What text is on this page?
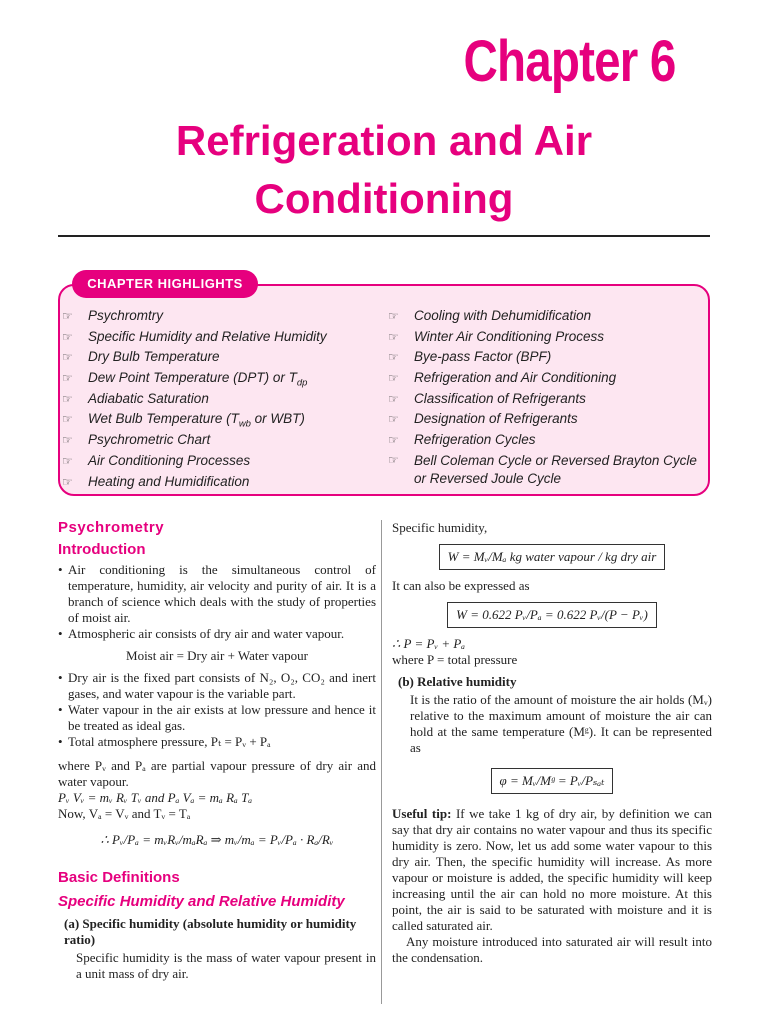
Chapter 6
Refrigeration and Air Conditioning
CHAPTER HIGHLIGHTS
☞ Psychromtry
☞ Specific Humidity and Relative Humidity
☞ Dry Bulb Temperature
☞ Dew Point Temperature (DPT) or $T_{dp}$
☞ Adiabatic Saturation
☞ Wet Bulb Temperature ($T_{wb}$ or WBT)
☞ Psychrometric Chart
☞ Air Conditioning Processes
☞ Heating and Humidification
☞ Cooling with Dehumidification
☞ Winter Air Conditioning Process
☞ Bye-pass Factor (BPF)
☞ Refrigeration and Air Conditioning
☞ Classification of Refrigerants
☞ Designation of Refrigerants
☞ Refrigeration Cycles
☞ Bell Coleman Cycle or Reversed Brayton Cycle or Reversed Joule Cycle
Psychrometry
Introduction

• Air conditioning is the simultaneous control of temperature, humidity, air velocity and purity of air. It is a branch of science which deals with the study of properties of moist air.

• Atmospheric air consists of dry air and water vapour.

Moist air = Dry air + Water vapour

• Dry air is the fixed part consists of N₂, O₂, CO₂ and inert gases, and water vapour is the variable part.

• Water vapour in the air exists at low pressure and hence it be treated as ideal gas.

• Total atmosphere pressure, Pₜ = Pᵥ + Pₐ

where Pᵥ and Pₐ are partial vapour pressure of dry air and water vapour.

Pᵥ Vᵥ = mᵥ Rᵥ Tᵥ and Pₐ Vₐ = mₐ Rₐ Tₐ

Now, Vₐ = Vᵥ and Tᵥ = Tₐ

∴ Pᵥ/Pₐ = mᵥRᵥ/mₐRₐ ⇒ mᵥ/mₐ = Pᵥ/Pₐ · Rₐ/Rᵥ
Basic Definitions
Specific Humidity and Relative Humidity
(a) Specific humidity (absolute humidity or humidity ratio)

Specific humidity is the mass of water vapour present in a unit mass of dry air.

Specific humidity,

W = Mᵥ/Mₐ kg water vapour / kg dry air

It can also be expressed as

W = 0.622 Pᵥ/Pₐ = 0.622 Pᵥ/(P − Pᵥ)

∴ P = Pᵥ + Pₐ

where P = total pressure

(b) Relative humidity

It is the ratio of the amount of moisture the air holds (Mᵥ) relative to the maximum amount of moisture the air can hold at the same temperature (Mᵍ). It can be represented as

φ = Mᵥ/Mᵍ = Pᵥ/Pₛₐₜ

Useful tip: If we take 1 kg of dry air, by definition we can say that dry air contains no water vapour and thus its specific humidity is zero. Now, let us add some water vapour to this dry air. Then, the specific humidity will increase. As more vapour or moisture is added, the specific humidity will keep increasing until the air can hold no more moisture. At this point, the air is said to be saturated with moisture and it is called saturated air.

Any moisture introduced into saturated air will result into the condensation.
